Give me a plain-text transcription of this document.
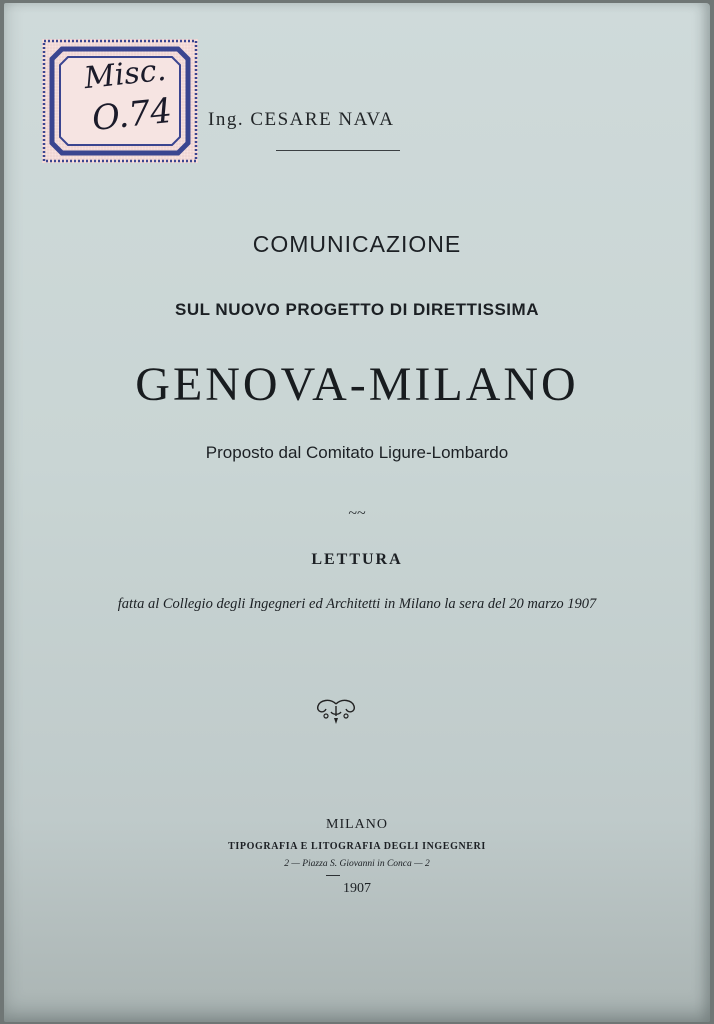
Misc.
O.74 Ing. CESARE NAVA
COMUNICAZIONE
SUL NUOVO PROGETTO DI DIRETTISSIMA
GENOVA-MILANO
Proposto dal Comitato Ligure-Lombardo
~~
LETTURA
fatta al Collegio degli Ingegneri ed Architetti in Milano la sera del 20 marzo 1907
MILANO
TIPOGRAFIA E LITOGRAFIA DEGLI INGEGNERI
2 — Piazza S. Giovanni in Conca — 2
1907
